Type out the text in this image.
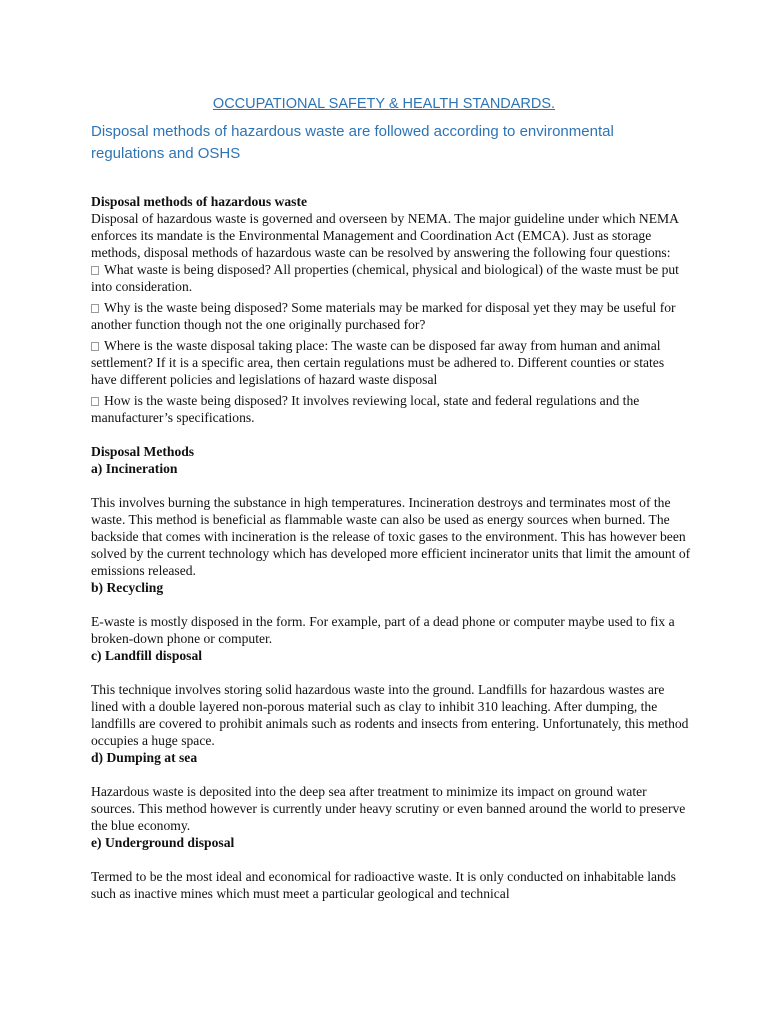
OCCUPATIONAL SAFETY & HEALTH STANDARDS.
Disposal methods of hazardous waste are followed according to environmental regulations and OSHS

Disposal methods of hazardous waste

Disposal of hazardous waste is governed and overseen by NEMA. The major guideline under which NEMA enforces its mandate is the Environmental Management and Coordination Act (EMCA). Just as storage methods, disposal methods of hazardous waste can be resolved by answering the following four questions:

What waste is being disposed? All properties (chemical, physical and biological) of the waste must be put into consideration.

Why is the waste being disposed? Some materials may be marked for disposal yet they may be useful for another function though not the one originally purchased for?

Where is the waste disposal taking place: The waste can be disposed far away from human and animal settlement? If it is a specific area, then certain regulations must be adhered to. Different counties or states have different policies and legislations of hazard waste disposal

How is the waste being disposed? It involves reviewing local, state and federal regulations and the manufacturer’s specifications.

Disposal Methods

a) Incineration

This involves burning the substance in high temperatures. Incineration destroys and terminates most of the waste. This method is beneficial as flammable waste can also be used as energy sources when burned. The backside that comes with incineration is the release of toxic gases to the environment. This has however been solved by the current technology which has developed more efficient incinerator units that limit the amount of emissions released.

b) Recycling

E-waste is mostly disposed in the form. For example, part of a dead phone or computer maybe used to fix a broken-down phone or computer.

c) Landfill disposal

This technique involves storing solid hazardous waste into the ground. Landfills for hazardous wastes are lined with a double layered non-porous material such as clay to inhibit 310 leaching. After dumping, the landfills are covered to prohibit animals such as rodents and insects from entering. Unfortunately, this method occupies a huge space.

d) Dumping at sea

Hazardous waste is deposited into the deep sea after treatment to minimize its impact on ground water sources. This method however is currently under heavy scrutiny or even banned around the world to preserve the blue economy.

e) Underground disposal

Termed to be the most ideal and economical for radioactive waste. It is only conducted on inhabitable lands such as inactive mines which must meet a particular geological and technical
